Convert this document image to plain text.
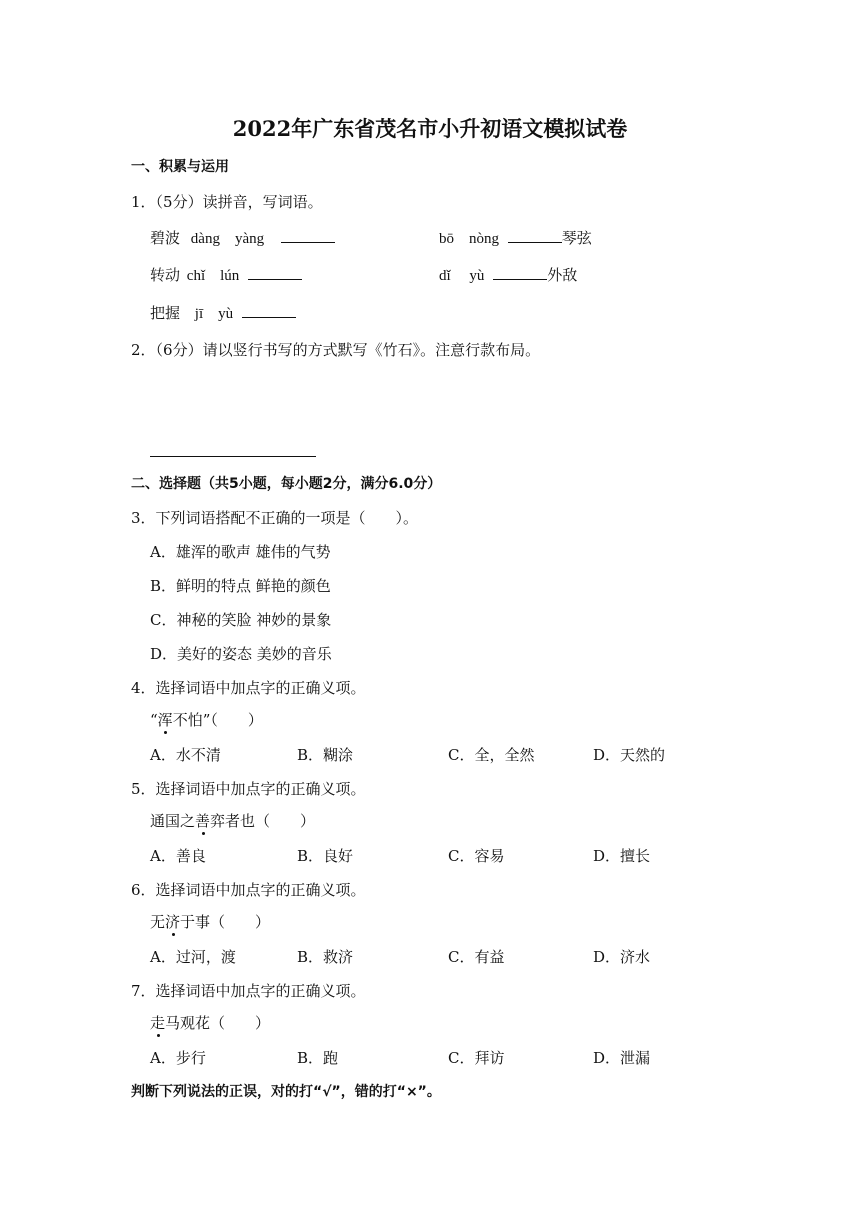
2022年广东省茂名市小升初语文模拟试卷
一、积累与运用
1．（5分）读拼音，写词语。
碧波 dàng　yàng	bō　nòng	琴弦
转动 chǐ　lún	dǐ　 yù	外敌
把握 jī　yù
2．（6分）请以竖行书写的方式默写《竹石》。注意行款布局。
二、选择题（共5小题，每小题2分，满分6.0分）
3．下列词语搭配不正确的一项是（　　）。
A．雄浑的歌声 雄伟的气势
B．鲜明的特点 鲜艳的颜色
C．神秘的笑脸 神妙的景象
D．美好的姿态 美妙的音乐
4．选择词语中加点字的正确义项。
“浑不怕”（　　）
A．水不清	B．糊涂	C．全，全然	D．天然的
5．选择词语中加点字的正确义项。
通国之善弈者也（　　）
A．善良	B．良好	C．容易	D．擅长
6．选择词语中加点字的正确义项。
无济于事（　　）
A．过河，渡	B．救济	C．有益	D．济水
7．选择词语中加点字的正确义项。
走马观花（　　）
A．步行	B．跑	C．拜访	D．泄漏
判断下列说法的正误，对的打“√”，错的打“×”。
